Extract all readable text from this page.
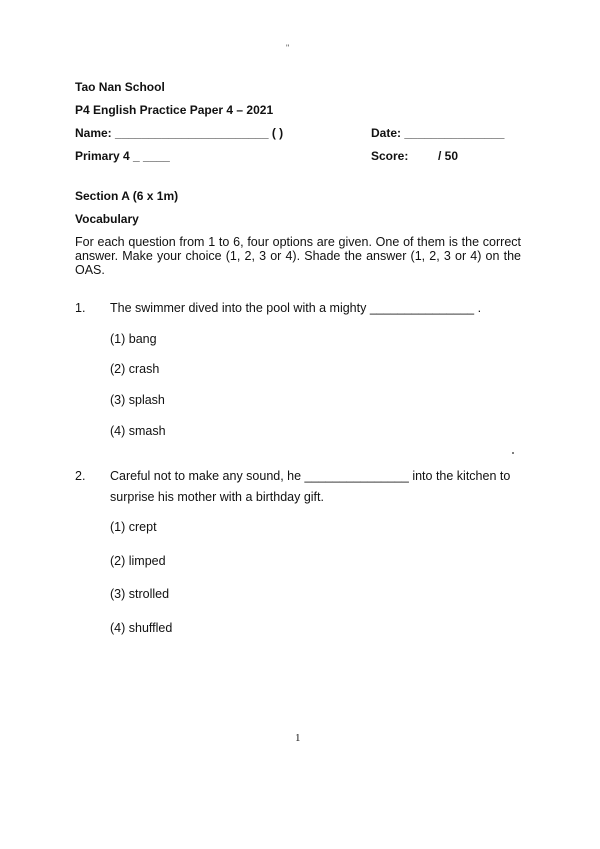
"
Tao Nan School
P4 English Practice Paper 4 – 2021
Name: _______________________ ( )	Date: _______________
Primary 4 _ ____	Score: / 50
Section A (6 x 1m)
Vocabulary
For each question from 1 to 6, four options are given. One of them is the correct answer. Make your choice (1, 2, 3 or 4). Shade the answer (1, 2, 3 or 4) on the OAS.
1. The swimmer dived into the pool with a mighty _______________ .
(1) bang
(2) crash
(3) splash
(4) smash
2. Careful not to make any sound, he _______________ into the kitchen to
surprise his mother with a birthday gift.
(1) crept
(2) limped
(3) strolled
(4) shuffled
1
